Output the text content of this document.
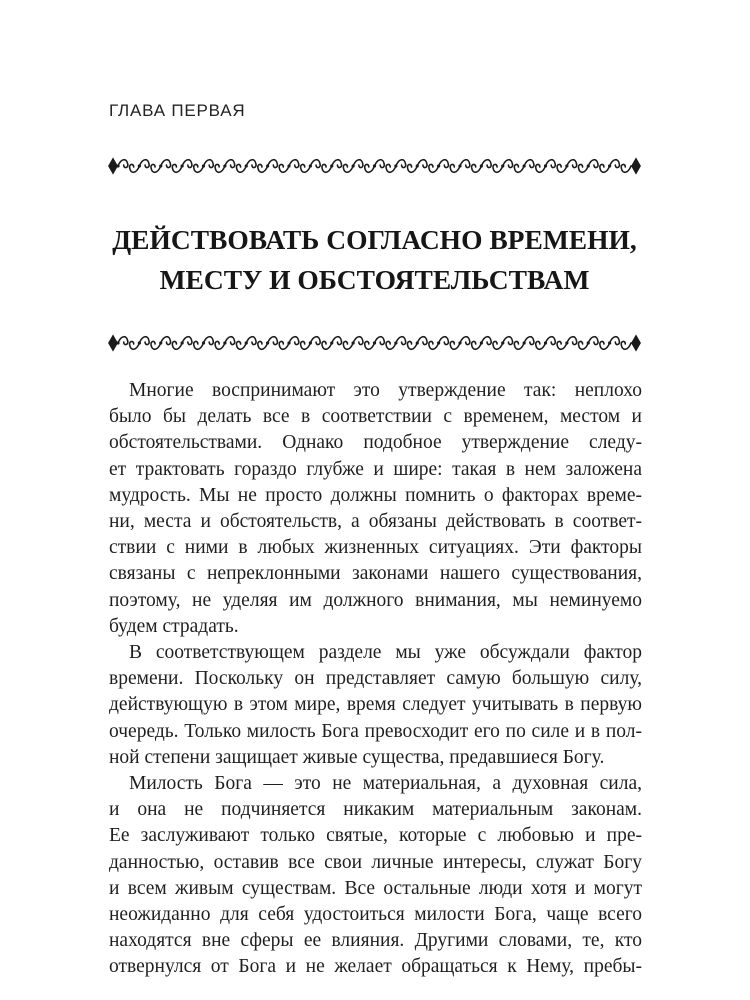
ГЛАВА ПЕРВАЯ
ДЕЙСТВОВАТЬ СОГЛАСНО ВРЕМЕНИ,
МЕСТУ И ОБСТОЯТЕЛЬСТВАМ

Многие воспринимают это утверждение так: неплохо
было бы делать все в соответствии с временем, местом и
обстоятельствами. Однако подобное утверждение следу-
ет трактовать гораздо глубже и шире: такая в нем заложена
мудрость. Мы не просто должны помнить о факторах време-
ни, места и обстоятельств, а обязаны действовать в соответ-
ствии с ними в любых жизненных ситуациях. Эти факторы
связаны с непреклонными законами нашего существования,
поэтому, не уделяя им должного внимания, мы неминуемо
будем страдать.

В соответствующем разделе мы уже обсуждали фактор
времени. Поскольку он представляет самую большую силу,
действующую в этом мире, время следует учитывать в первую
очередь. Только милость Бога превосходит его по силе и в пол-
ной степени защищает живые существа, предавшиеся Богу.

Милость Бога — это не материальная, а духовная сила,
и она не подчиняется никаким материальным законам.
Ее заслуживают только святые, которые с любовью и пре-
данностью, оставив все свои личные интересы, служат Богу
и всем живым существам. Все остальные люди хотя и могут
неожиданно для себя удостоиться милости Бога, чаще всего
находятся вне сферы ее влияния. Другими словами, те, кто
отвернулся от Бога и не желает обращаться к Нему, пребы-
